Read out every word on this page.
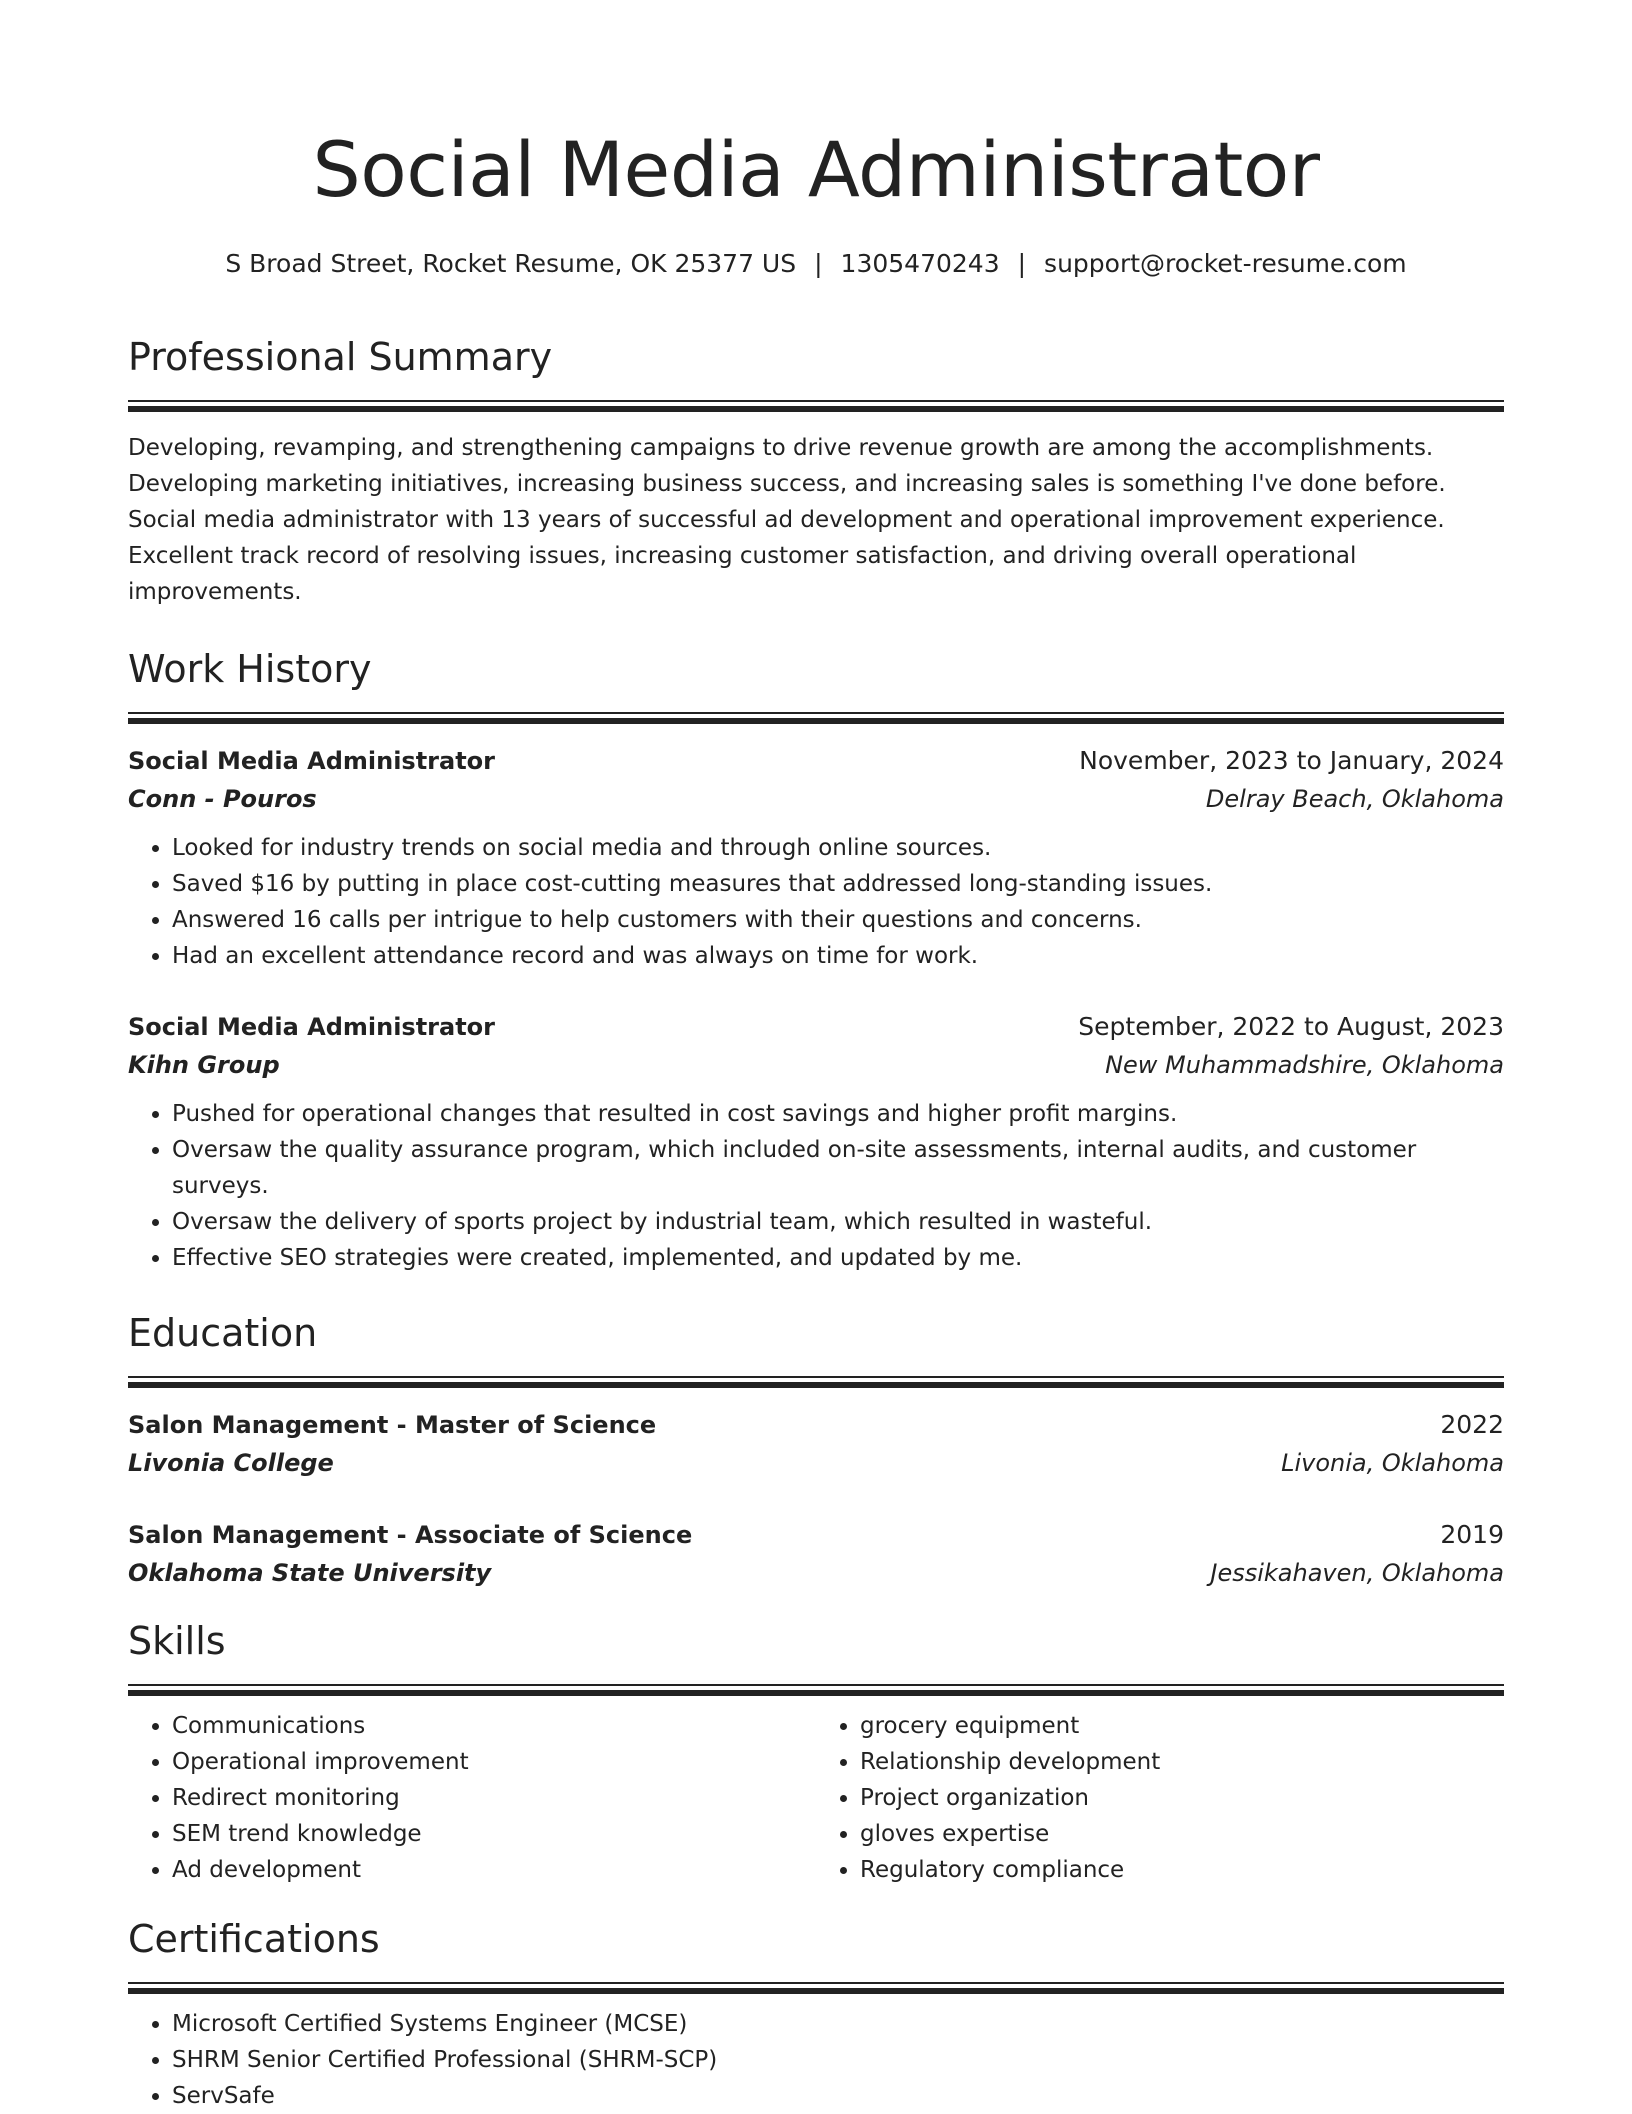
Social Media Administrator
S Broad Street, Rocket Resume, OK 25377 US | 1305470243 | support@rocket-resume.com
Professional Summary
Developing, revamping, and strengthening campaigns to drive revenue growth are among the accomplishments. Developing marketing initiatives, increasing business success, and increasing sales is something I've done before. Social media administrator with 13 years of successful ad development and operational improvement experience. Excellent track record of resolving issues, increasing customer satisfaction, and driving overall operational improvements.
Work History
Social Media Administrator	November, 2023 to January, 2024
Conn - Pouros	Delray Beach, Oklahoma
• Looked for industry trends on social media and through online sources.
• Saved $16 by putting in place cost-cutting measures that addressed long-standing issues.
• Answered 16 calls per intrigue to help customers with their questions and concerns.
• Had an excellent attendance record and was always on time for work.
Social Media Administrator	September, 2022 to August, 2023
Kihn Group	New Muhammadshire, Oklahoma
• Pushed for operational changes that resulted in cost savings and higher profit margins.
• Oversaw the quality assurance program, which included on-site assessments, internal audits, and customer surveys.
• Oversaw the delivery of sports project by industrial team, which resulted in wasteful.
• Effective SEO strategies were created, implemented, and updated by me.
Education
Salon Management - Master of Science	2022
Livonia College	Livonia, Oklahoma
Salon Management - Associate of Science	2019
Oklahoma State University	Jessikahaven, Oklahoma
Skills
• Communications
• Operational improvement
• Redirect monitoring
• SEM trend knowledge
• Ad development
• grocery equipment
• Relationship development
• Project organization
• gloves expertise
• Regulatory compliance
Certifications
• Microsoft Certified Systems Engineer (MCSE)
• SHRM Senior Certified Professional (SHRM-SCP)
• ServSafe
